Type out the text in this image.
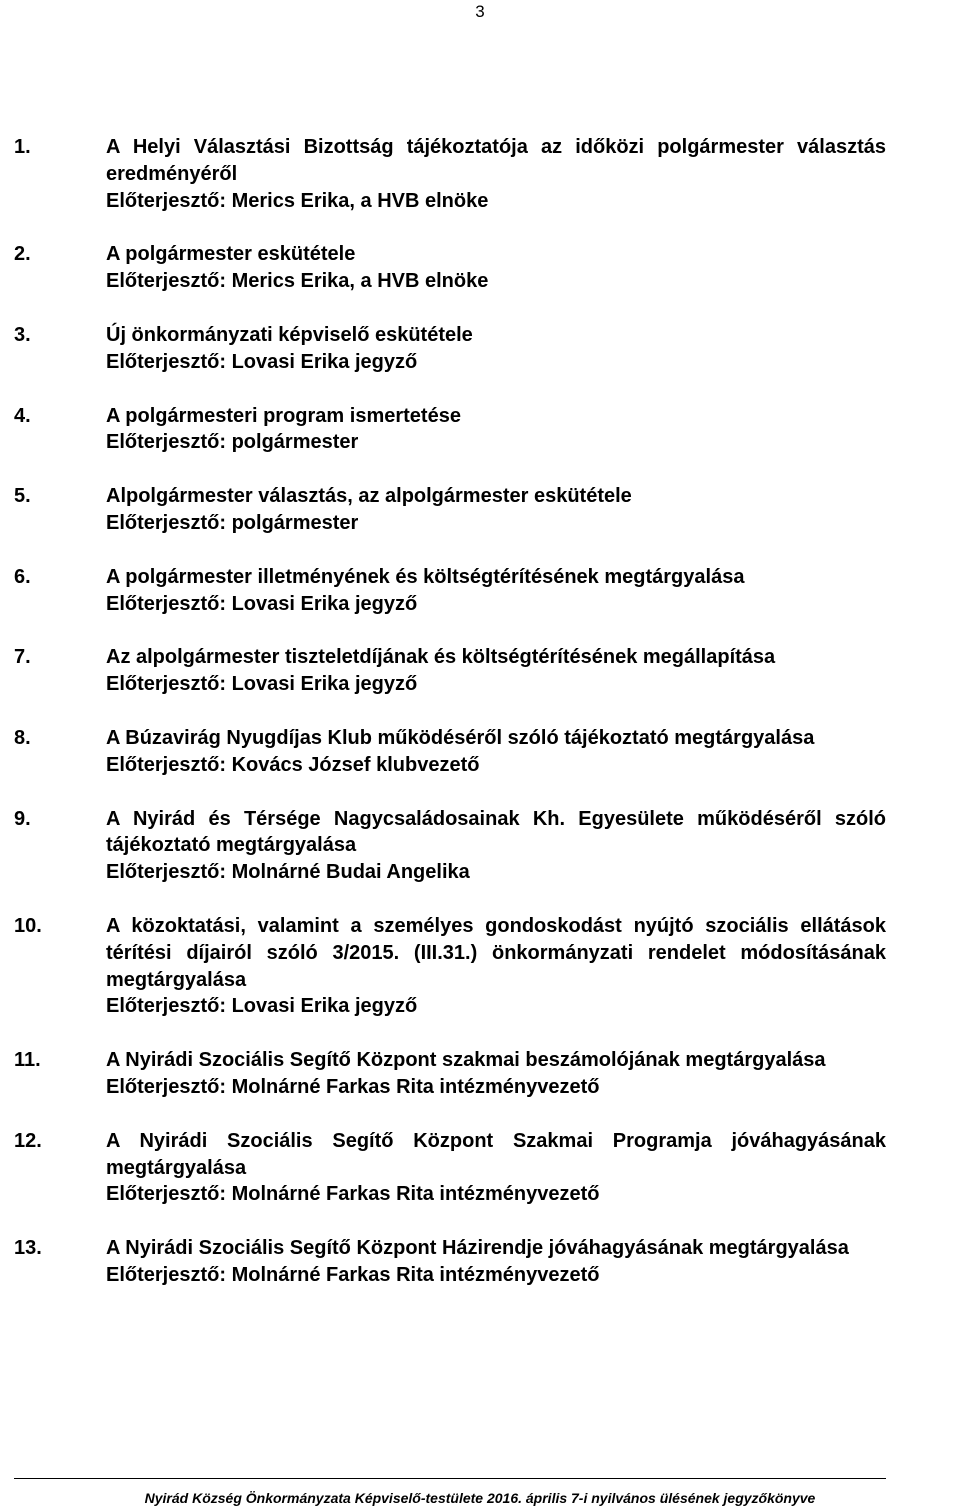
3
1.	A Helyi Választási Bizottság tájékoztatója az időközi polgármester választás eredményéről
Előterjesztő: Merics Erika, a HVB elnöke
2.	A polgármester eskütétele
Előterjesztő: Merics Erika, a HVB elnöke
3.	Új önkormányzati képviselő eskütétele
Előterjesztő: Lovasi Erika jegyző
4.	A polgármesteri program ismertetése
Előterjesztő: polgármester
5.	Alpolgármester választás, az alpolgármester eskütétele
Előterjesztő: polgármester
6.	A polgármester illetményének és költségtérítésének megtárgyalása
Előterjesztő: Lovasi Erika jegyző
7.	Az alpolgármester tiszteletdíjának és költségtérítésének megállapítása
Előterjesztő: Lovasi Erika jegyző
8.	A Búzavirág Nyugdíjas Klub működéséről szóló tájékoztató megtárgyalása
Előterjesztő: Kovács József klubvezető
9.	A Nyirád és Térsége Nagycsaládosainak Kh. Egyesülete működéséről szóló tájékoztató megtárgyalása
Előterjesztő: Molnárné Budai Angelika
10.	A közoktatási, valamint a személyes gondoskodást nyújtó szociális ellátások térítési díjairól szóló 3/2015. (III.31.) önkormányzati rendelet módosításának megtárgyalása
Előterjesztő: Lovasi Erika jegyző
11.	A Nyirádi Szociális Segítő Központ szakmai beszámolójának megtárgyalása
Előterjesztő: Molnárné Farkas Rita intézményvezető
12.	A Nyirádi Szociális Segítő Központ Szakmai Programja jóváhagyásának megtárgyalása
Előterjesztő: Molnárné Farkas Rita intézményvezető
13.	A Nyirádi Szociális Segítő Központ Házirendje jóváhagyásának megtárgyalása
Előterjesztő: Molnárné Farkas Rita intézményvezető
Nyirád Község Önkormányzata Képviselő-testülete 2016. április 7-i nyilvános ülésének jegyzőkönyve
